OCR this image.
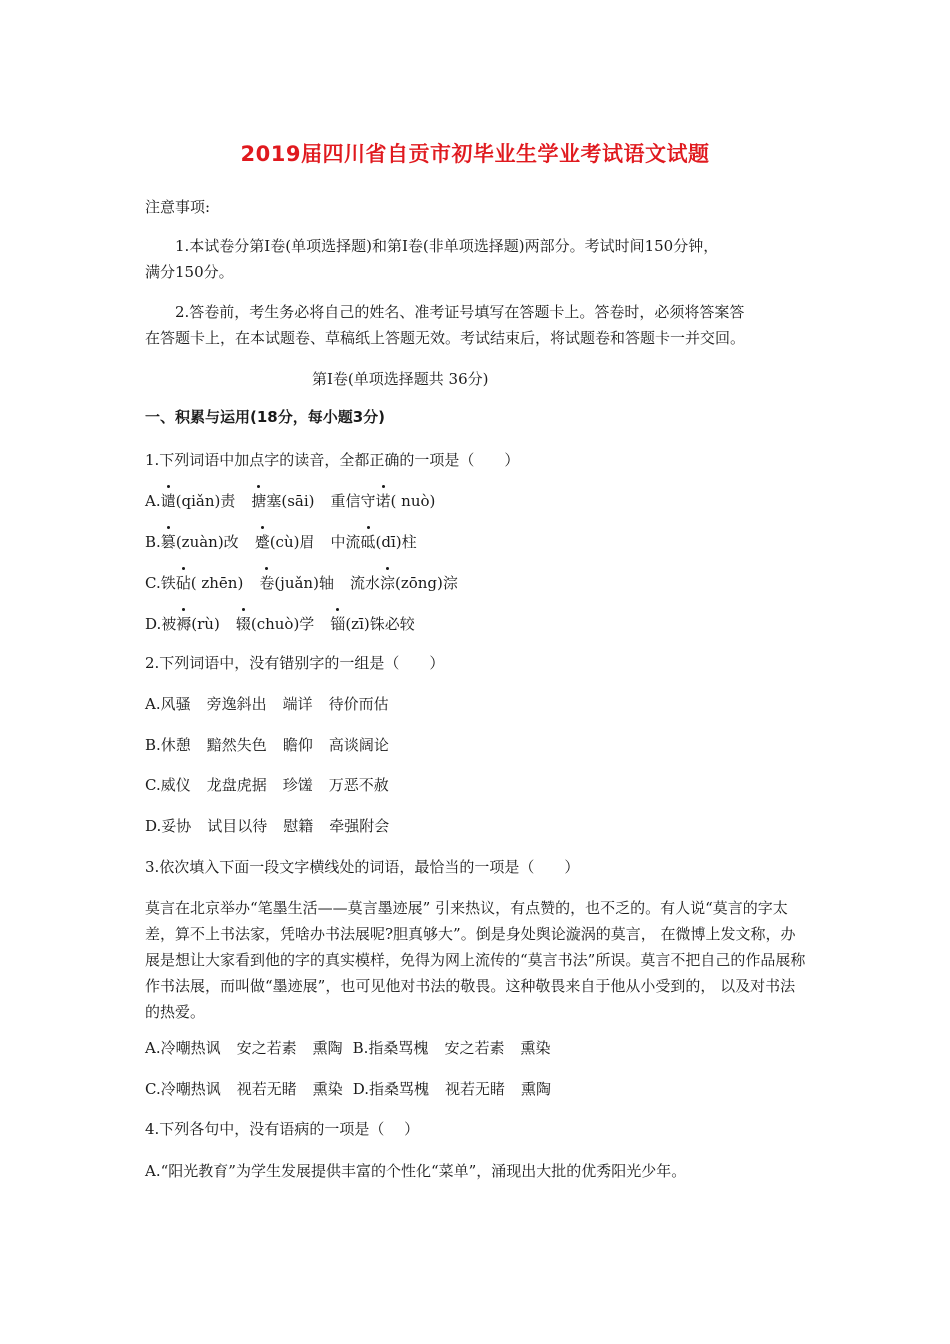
2019届四川省自贡市初毕业生学业考试语文试题
注意事项:
1.本试卷分第Ⅰ卷(单项选择题)和第Ⅰ卷(非单项选择题)两部分。考试时间150分钟，
满分150分。
2.答卷前，考生务必将自己的姓名、准考证号填写在答题卡上。答卷时，必须将答案答
在答题卡上，在本试题卷、草稿纸上答题无效。考试结束后，将试题卷和答题卡一并交回。
第Ⅰ卷(单项选择题共 36分)
一、积累与运用(18分，每小题3分)
1.下列词语中加点字的读音，全都正确的一项是（　　）
A.谴(qiǎn)责 搪塞(sāi) 重信守诺( nuò)
B.篡(zuàn)改 蹙(cù)眉 中流砥(dī)柱
C.铁砧( zhēn) 卷(juǎn)轴 流水淙(zōng)淙
D.被褥(rù) 辍(chuò)学 锱(zī)铢必较
2.下列词语中，没有错别字的一组是（　　）
A.风骚 旁逸斜出 端详 待价而估
B.休憩 黯然失色 瞻仰 高谈阔论
C.威仪 龙盘虎据 珍馐 万恶不赦
D.妥协 试目以待 慰籍 牵强附会
3.依次填入下面一段文字横线处的词语，最恰当的一项是（　　）
莫言在北京举办“笔墨生活——莫言墨迹展” 引来热议，有点赞的，也不乏的。有人说“莫言的字太差，算不上书法家，凭啥办书法展呢?胆真够大”。倒是身处舆论漩涡的莫言， 在微博上发文称，办展是想让大家看到他的字的真实模样，免得为网上流传的“莫言书法”所误。莫言不把自己的作品展称作书法展，而叫做“墨迹展”，也可见他对书法的敬畏。这种敬畏来自于他从小受到的， 以及对书法的热爱。
A.冷嘲热讽 安之若素 熏陶 B.指桑骂槐 安之若素 熏染
C.冷嘲热讽 视若无睹 熏染 D.指桑骂槐 视若无睹 熏陶
4.下列各句中，没有语病的一项是（　 ）
A.“阳光教育”为学生发展提供丰富的个性化“菜单”，涌现出大批的优秀阳光少年。
